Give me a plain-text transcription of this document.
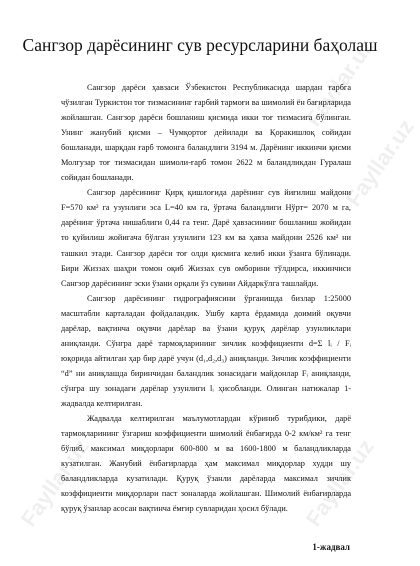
Fayllar.uz
Fayllar.uz
Fayllar.uz
Fayllar.uz
Сангзор дарёсининг сув ресурсларини баҳолаш

Сангзор дарёси ҳавзаси Ўзбекистон Республикасида шардан ғарбга чўзилган Туркистон тоғ тизмасининг ғарбий тармоғи ва шимолий ён бағирларида жойлашган. Сангзор дарёси бошланиш қисмида икки тоғ тизмасига бўлинган. Унинг жанубий қисми – Чумқортоғ дейилади ва Қоракишлоқ сойидан бошланади, шарқдан ғарб томонга баландлиги 3194 м. Дарёнинг иккинчи қисми Молгузар тоғ тизмасидан шимоли-ғарб томон 2622 м баландликдан Гуралаш сойидан бошланади.

Сангзор дарёсининг Қирқ қишлоғида дарёнинг сув йиғилиш майдони F=570 км² га узунлиги эса L=40 км га, ўртача баландлиги Hўрт= 2070 м га, дарёнинг ўртача нишаблиги 0,44 га тенг. Дарё ҳавзасининг бошланиш жойидан то қуйилиш жойигача бўлган узунлиги 123 км ва ҳавза майдони 2526 км² ни ташкил этади. Сангзор дарёси тоғ олди қисмига келиб икки ўзанга бўлинади. Бири Жиззах шаҳри томон оқиб Жиззах сув омборини тўлдирса, иккинчиси Сангзор дарёсининг эски ўзани орқали ўз сувини Айдаркўлга ташлайди.

Сангзор дарёсининг гидрографиясини ўрганишда бизлар 1:25000 масштабли карталадан фойдаландик. Ушбу карта ёрдамида доимий оқувчи дарёлар, вақтинча оқувчи дарёлар ва ўзани қуруқ дарёлар узунликлари аниқланди. Сўнгра дарё тармоқларининг зичлик коэффициенти d=Σ lᵢ / Fᵢ юқорида айтилган ҳар бир дарё учун (d₁,d₂,d₃) аниқланди. Зичлик коэффициенти “d” ни аниқлашда биринчидан баландлик зонасидаги майдонлар Fᵢ аниқланди, сўнгра шу зонадаги дарёлар узунлиги lᵢ ҳисобланди. Олинган натижалар 1-жадвалда келтирилган.

Жадвалда келтирилган маълумотлардан кўриниб турибдики, дарё тармоқларининг ўзгариш коэффициенти шимолий ёнбағирда 0-2 км/км² га тенг бўлиб, максимал миқдорлари 600-800 м ва 1600-1800 м баландликларда кузатилган. Жанубий ёнбағирларда ҳам максимал миқдорлар худди шу баландликларда кузатилади. Қуруқ ўзанли дарёларда максимал зичлик коэффициенти миқдорлари паст зоналарда жойлашган. Шимолий ёнбағирларда қуруқ ўзанлар асосан вақтинча ёмғир сувларидан ҳосил бўлади.

1-жадвал
